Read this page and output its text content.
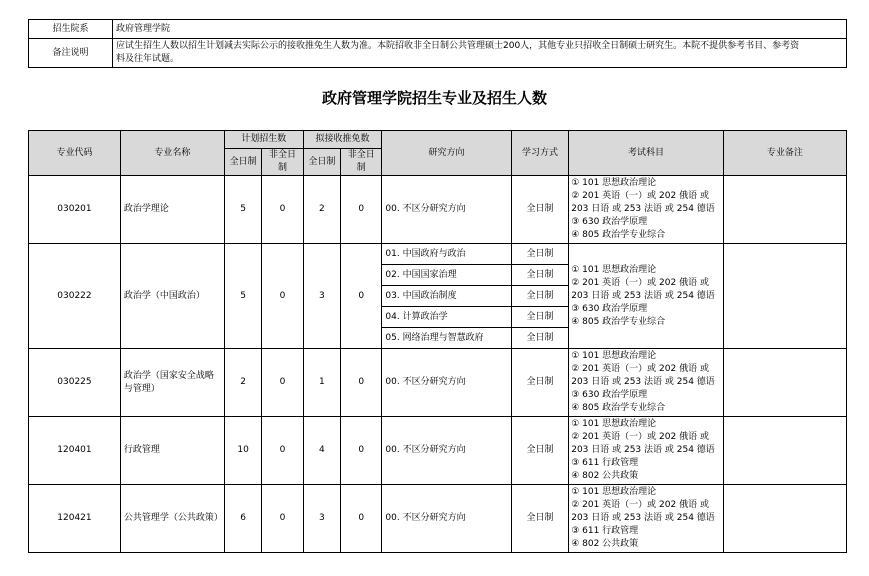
招生院系	政府管理学院
备注说明	应试生招生人数以招生计划减去实际公示的接收推免生人数为准。本院招收非全日制公共管理硕士200人，其他专业只招收全日制硕士研究生。本院不提供参考书目、参考资
料及往年试题。
政府管理学院招生专业及招生人数
专业代码	专业名称	计划招生数		拟接收推免数		研究方向	学习方式	考试科目	专业备注
		全日制	非全日制	全日制	非全日制				
030201	政治学理论	5	0	2	0	00. 不区分研究方向	全日制	① 101 思想政治理论
② 201 英语（一）或 202 俄语 或
203 日语 或 253 法语 或 254 德语
③ 630 政治学原理
④ 805 政治学专业综合	

030222	政治学（中国政治）	5	0	3	0	01. 中国政府与政治	全日制	① 101 思想政治理论
② 201 英语（一）或 202 俄语 或
203 日语 或 253 法语 或 254 德语
③ 630 政治学原理
④ 805 政治学专业综合	

						02. 中国国家治理	全日制		
						03. 中国政治制度	全日制		
						04. 计算政治学	全日制		
						05. 网络治理与智慧政府	全日制		
030225	政治学（国家安全战略与管理）	2	0	1	0	00. 不区分研究方向	全日制	① 101 思想政治理论
② 201 英语（一）或 202 俄语 或
203 日语 或 253 法语 或 254 德语
③ 630 政治学原理
④ 805 政治学专业综合	

120401	行政管理	10	0	4	0	00. 不区分研究方向	全日制	① 101 思想政治理论
② 201 英语（一）或 202 俄语 或
203 日语 或 253 法语 或 254 德语
③ 611 行政管理
④ 802 公共政策	

120421	公共管理学（公共政策）	6	0	3	0	00. 不区分研究方向	全日制	① 101 思想政治理论
② 201 英语（一）或 202 俄语 或
203 日语 或 253 法语 或 254 德语
③ 611 行政管理
④ 802 公共政策	
